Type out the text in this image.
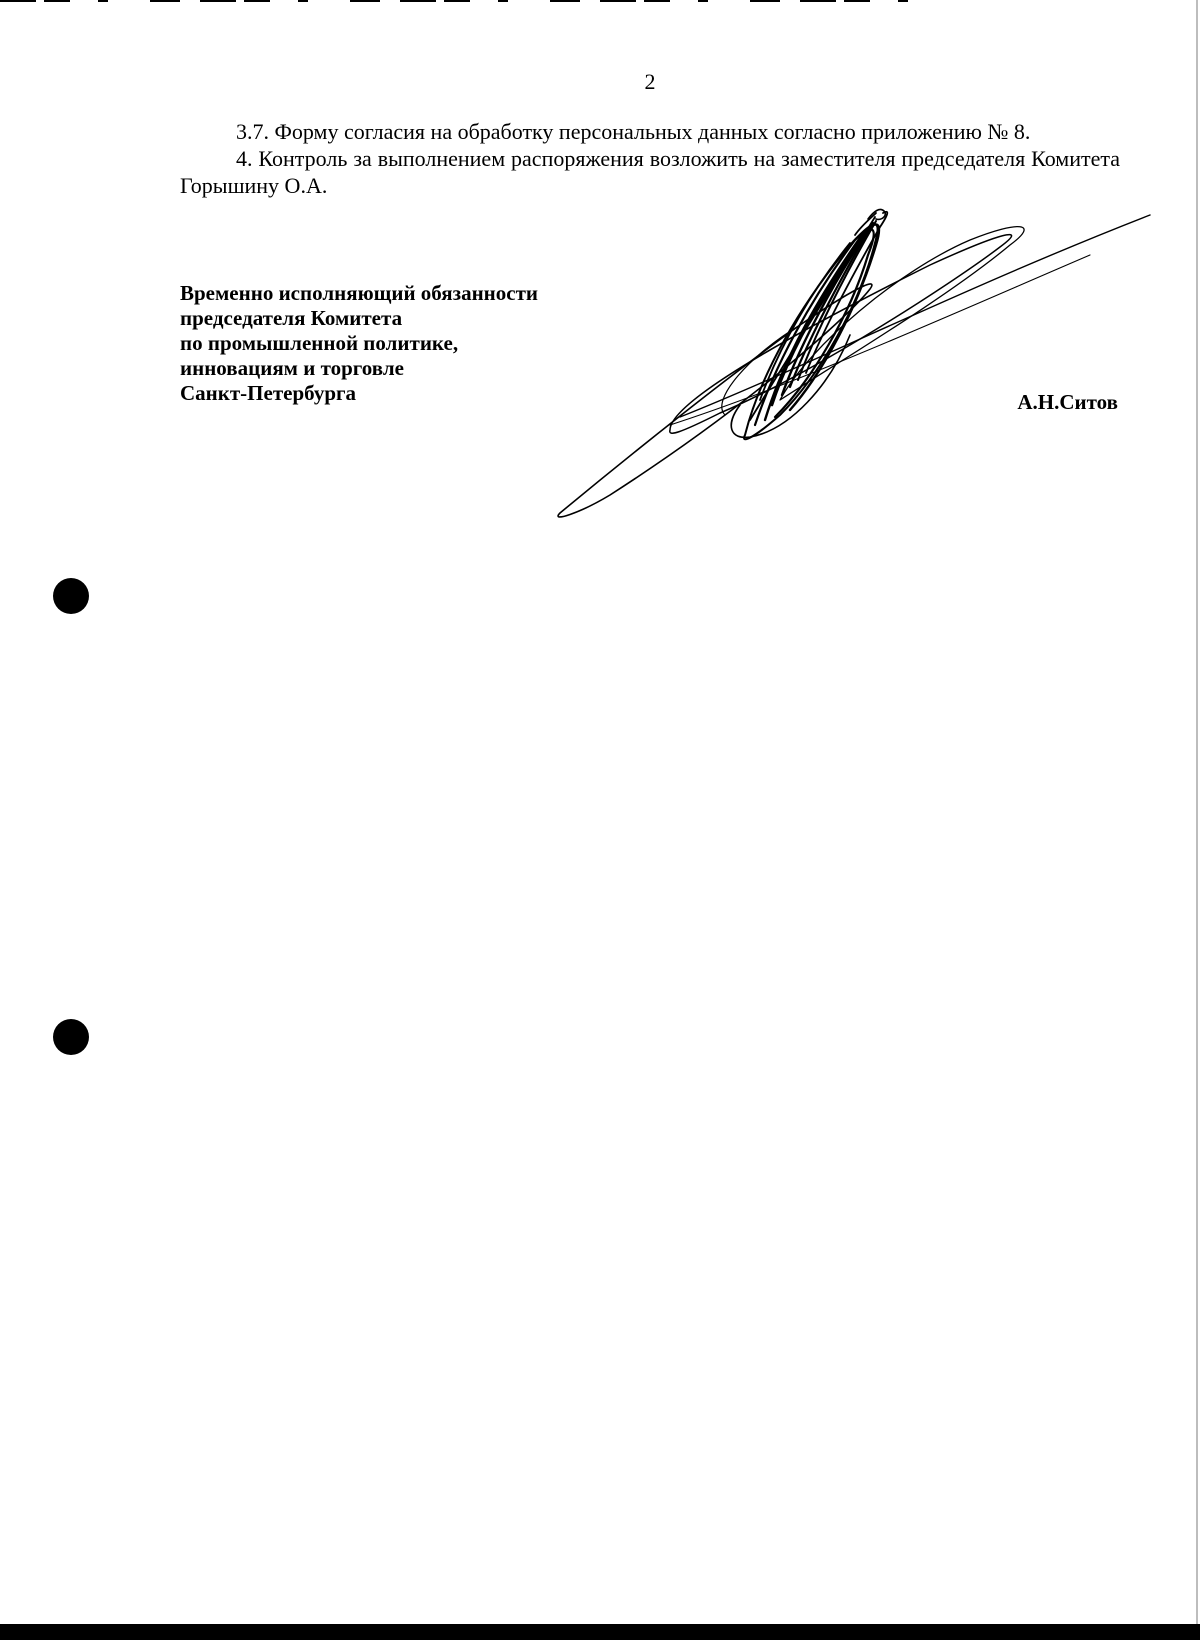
2

3.7. Форму согласия на обработку персональных данных согласно приложению № 8.

4. Контроль за выполнением распоряжения возложить на заместителя председателя Комитета Горышину О.А.

Временно исполняющий обязанности
председателя Комитета
по промышленной политике,
инновациям и торговле
Санкт-Петербурга	А.Н.Ситов
